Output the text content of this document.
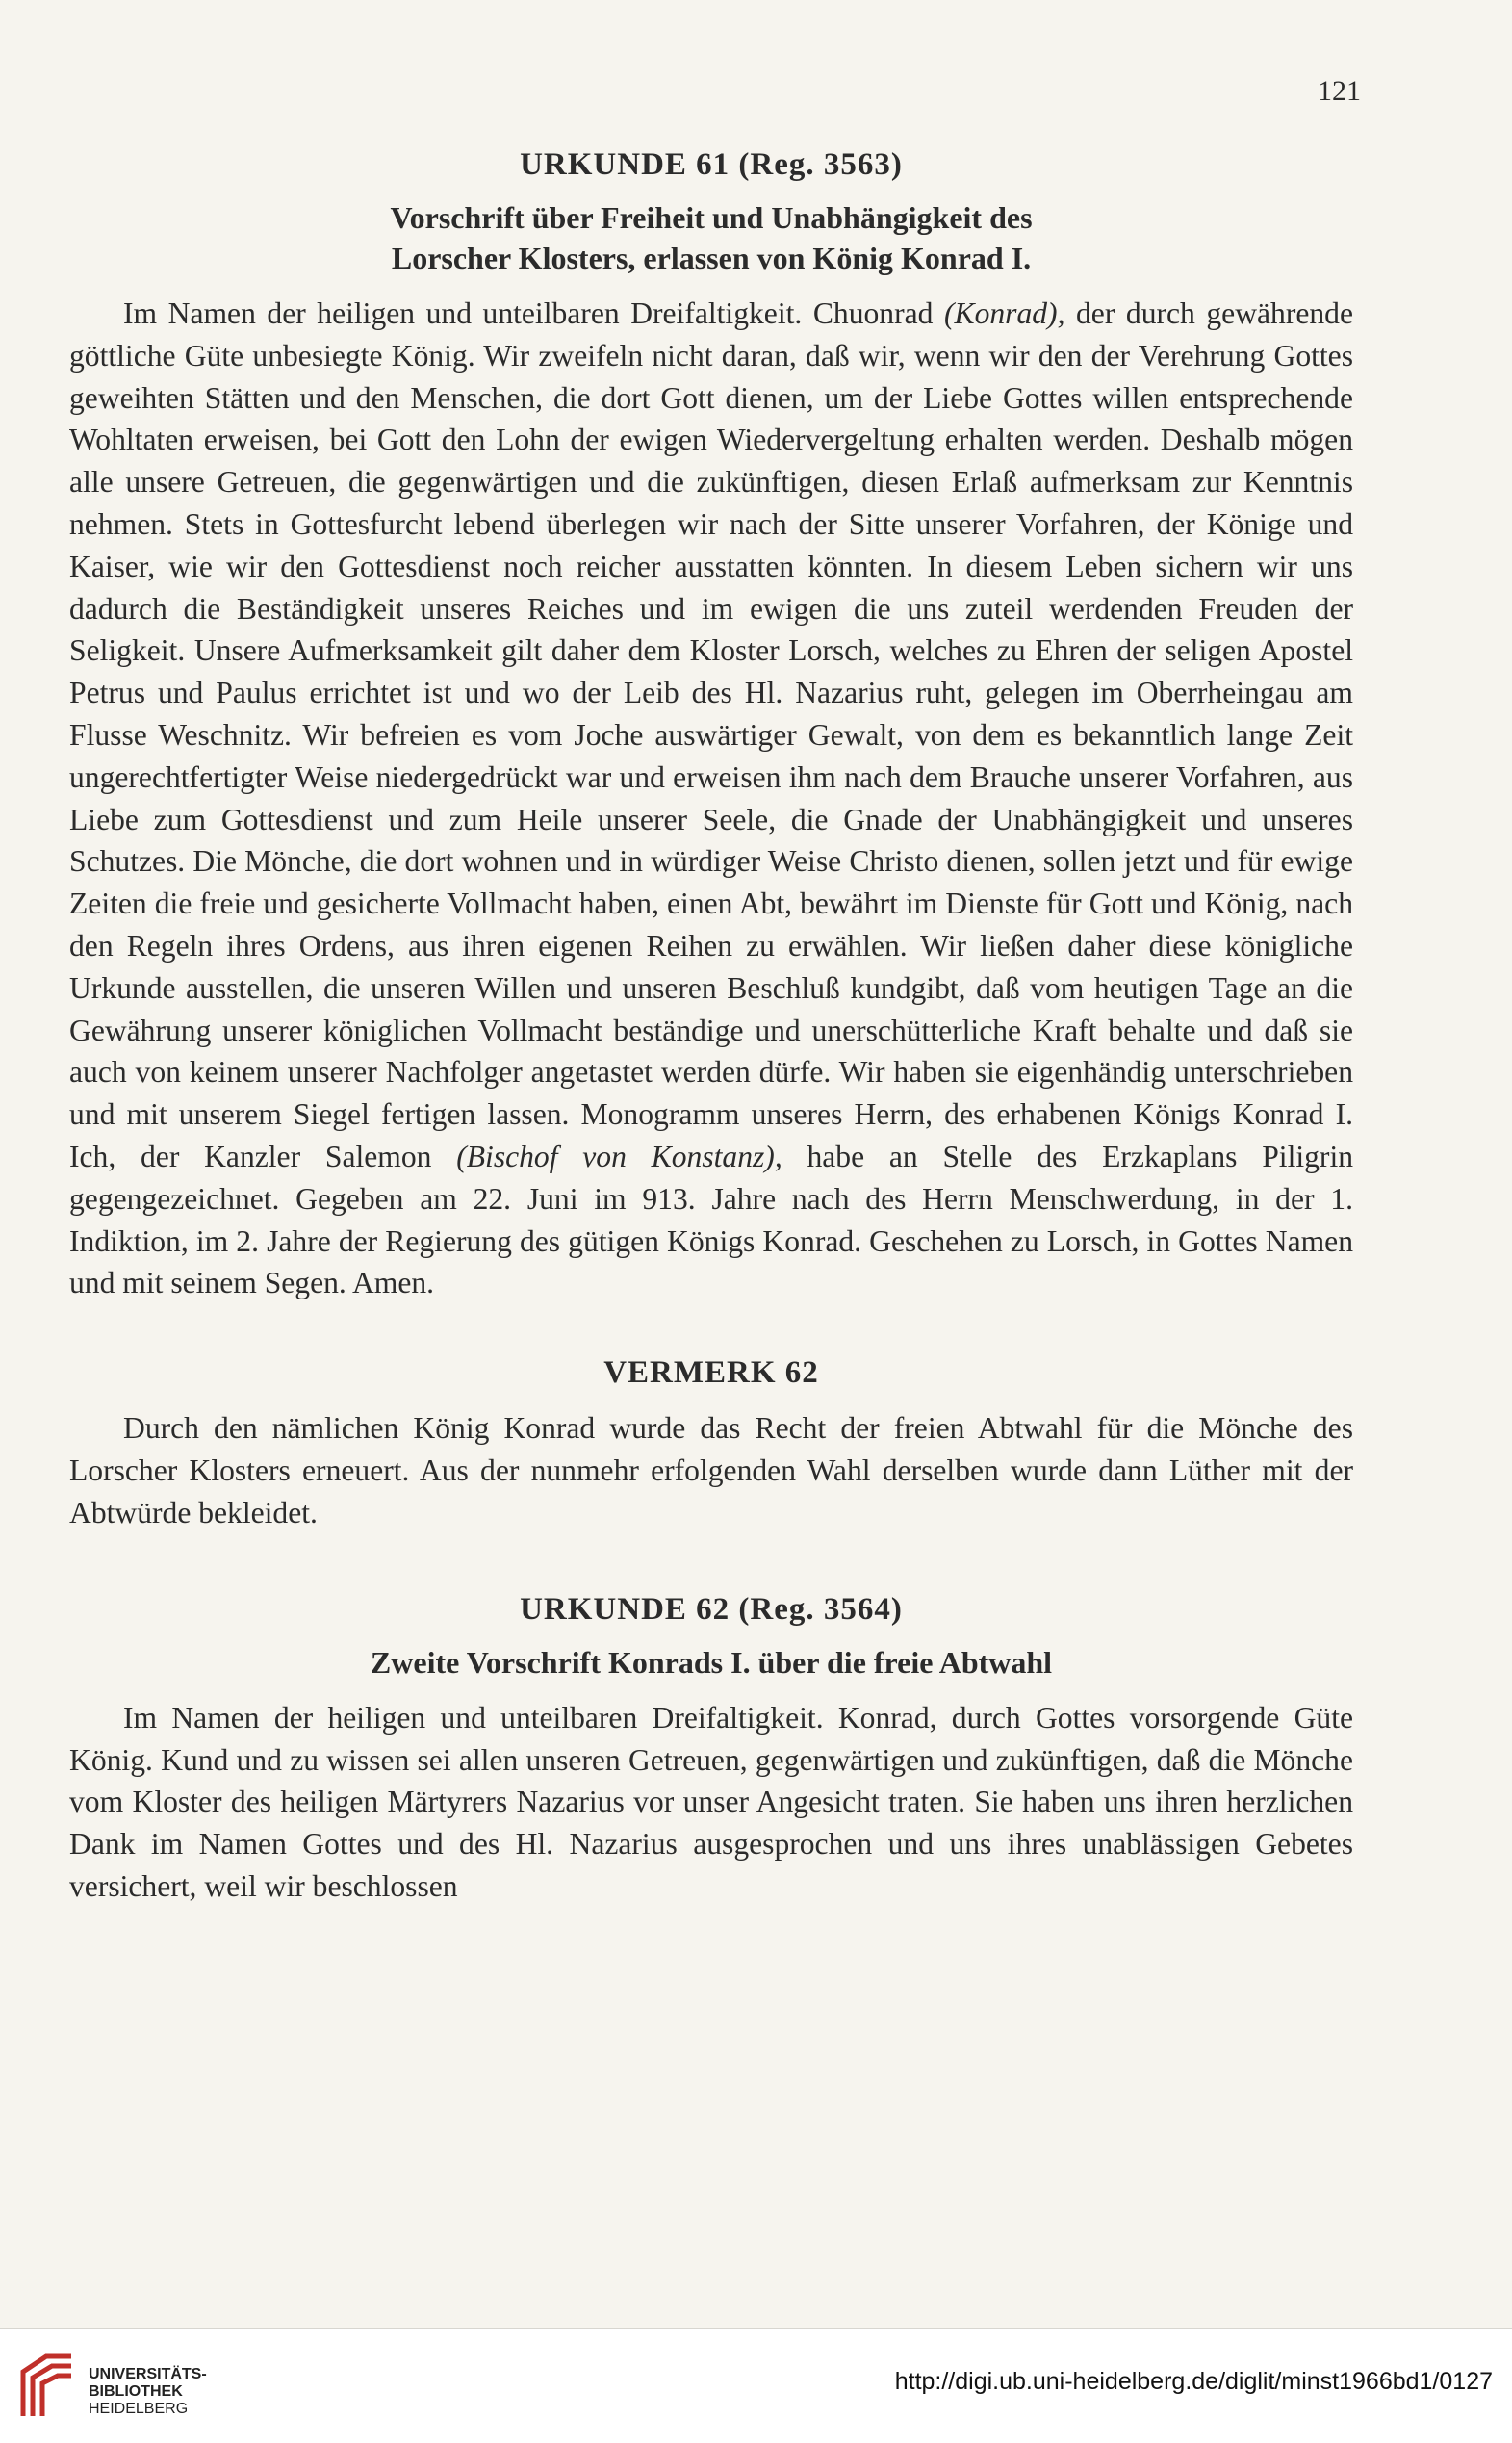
121
URKUNDE 61 (Reg. 3563)
Vorschrift über Freiheit und Unabhängigkeit des
Lorscher Klosters, erlassen von König Konrad I.

Im Namen der heiligen und unteilbaren Dreifaltigkeit. Chuonrad (Konrad), der durch gewährende göttliche Güte unbesiegte König. Wir zweifeln nicht daran, daß wir, wenn wir den der Verehrung Gottes geweihten Stätten und den Menschen, die dort Gott dienen, um der Liebe Gottes willen entsprechende Wohltaten erweisen, bei Gott den Lohn der ewigen Wiedervergeltung erhalten werden. Deshalb mögen alle unsere Getreuen, die gegenwärtigen und die zukünftigen, diesen Erlaß aufmerksam zur Kenntnis nehmen. Stets in Gottesfurcht lebend überlegen wir nach der Sitte unserer Vorfahren, der Könige und Kaiser, wie wir den Gottesdienst noch reicher ausstatten könnten. In diesem Leben sichern wir uns dadurch die Beständigkeit unseres Reiches und im ewigen die uns zuteil werdenden Freuden der Seligkeit. Unsere Aufmerksamkeit gilt daher dem Kloster Lorsch, welches zu Ehren der seligen Apostel Petrus und Paulus errichtet ist und wo der Leib des Hl. Nazarius ruht, gelegen im Oberrheingau am Flusse Weschnitz. Wir befreien es vom Joche auswärtiger Gewalt, von dem es bekanntlich lange Zeit ungerechtfertigter Weise niedergedrückt war und erweisen ihm nach dem Brauche unserer Vorfahren, aus Liebe zum Gottesdienst und zum Heile unserer Seele, die Gnade der Unabhängigkeit und unseres Schutzes. Die Mönche, die dort wohnen und in würdiger Weise Christo dienen, sollen jetzt und für ewige Zeiten die freie und gesicherte Vollmacht haben, einen Abt, bewährt im Dienste für Gott und König, nach den Regeln ihres Ordens, aus ihren eigenen Reihen zu erwählen. Wir ließen daher diese königliche Urkunde ausstellen, die unseren Willen und unseren Beschluß kundgibt, daß vom heutigen Tage an die Gewährung unserer königlichen Vollmacht beständige und unerschütterliche Kraft behalte und daß sie auch von keinem unserer Nachfolger angetastet werden dürfe. Wir haben sie eigenhändig unterschrieben und mit unserem Siegel fertigen lassen. Monogramm unseres Herrn, des erhabenen Königs Konrad I. Ich, der Kanzler Salemon (Bischof von Konstanz), habe an Stelle des Erzkaplans Piligrin gegengezeichnet. Gegeben am 22. Juni im 913. Jahre nach des Herrn Menschwerdung, in der 1. Indiktion, im 2. Jahre der Regierung des gütigen Königs Konrad. Geschehen zu Lorsch, in Gottes Namen und mit seinem Segen. Amen.

VERMERK 62

Durch den nämlichen König Konrad wurde das Recht der freien Abtwahl für die Mönche des Lorscher Klosters erneuert. Aus der nunmehr erfolgenden Wahl derselben wurde dann Lüther mit der Abtwürde bekleidet.

URKUNDE 62 (Reg. 3564)
Zweite Vorschrift Konrads I. über die freie Abtwahl

Im Namen der heiligen und unteilbaren Dreifaltigkeit. Konrad, durch Gottes vorsorgende Güte König. Kund und zu wissen sei allen unseren Getreuen, gegenwärtigen und zukünftigen, daß die Mönche vom Kloster des heiligen Märtyrers Nazarius vor unser Angesicht traten. Sie haben uns ihren herzlichen Dank im Namen Gottes und des Hl. Nazarius ausgesprochen und uns ihres unablässigen Gebetes versichert, weil wir beschlossen

UNIVERSITÄTS-
BIBLIOTHEK
HEIDELBERG
http://digi.ub.uni-heidelberg.de/diglit/minst1966bd1/0127
